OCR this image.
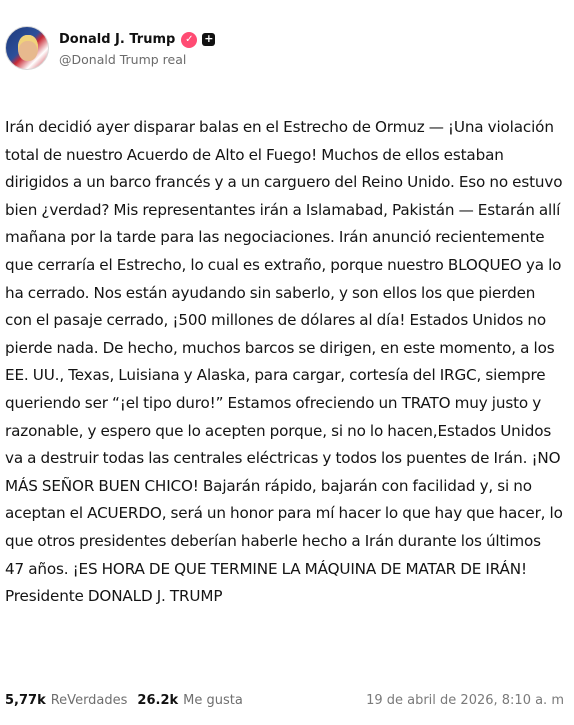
Donald J. Trump ✓ +
@Donald Trump real

Irán decidió ayer disparar balas en el Estrecho de Ormuz — ¡Una violación total de nuestro Acuerdo de Alto el Fuego! Muchos de ellos estaban dirigidos a un barco francés y a un carguero del Reino Unido. Eso no estuvo bien ¿verdad? Mis representantes irán a Islamabad, Pakistán — Estarán allí mañana por la tarde para las negociaciones. Irán anunció recientemente que cerraría el Estrecho, lo cual es extraño, porque nuestro BLOQUEO ya lo ha cerrado. Nos están ayudando sin saberlo, y son ellos los que pierden con el pasaje cerrado, ¡500 millones de dólares al día! Estados Unidos no pierde nada. De hecho, muchos barcos se dirigen, en este momento, a los EE. UU., Texas, Luisiana y Alaska, para cargar, cortesía del IRGC, siempre queriendo ser “¡el tipo duro!” Estamos ofreciendo un TRATO muy justo y razonable, y espero que lo acepten porque, si no lo hacen,Estados Unidos va a destruir todas las centrales eléctricas y todos los puentes de Irán. ¡NO MÁS SEÑOR BUEN CHICO! Bajarán rápido, bajarán con facilidad y, si no aceptan el ACUERDO, será un honor para mí hacer lo que hay que hacer, lo que otros presidentes deberían haberle hecho a Irán durante los últimos 47 años. ¡ES HORA DE QUE TERMINE LA MÁQUINA DE MATAR DE IRÁN! Presidente DONALD J. TRUMP

5,77k ReVerdades 26.2k Me gusta	19 de abril de 2026, 8:10 a. m
